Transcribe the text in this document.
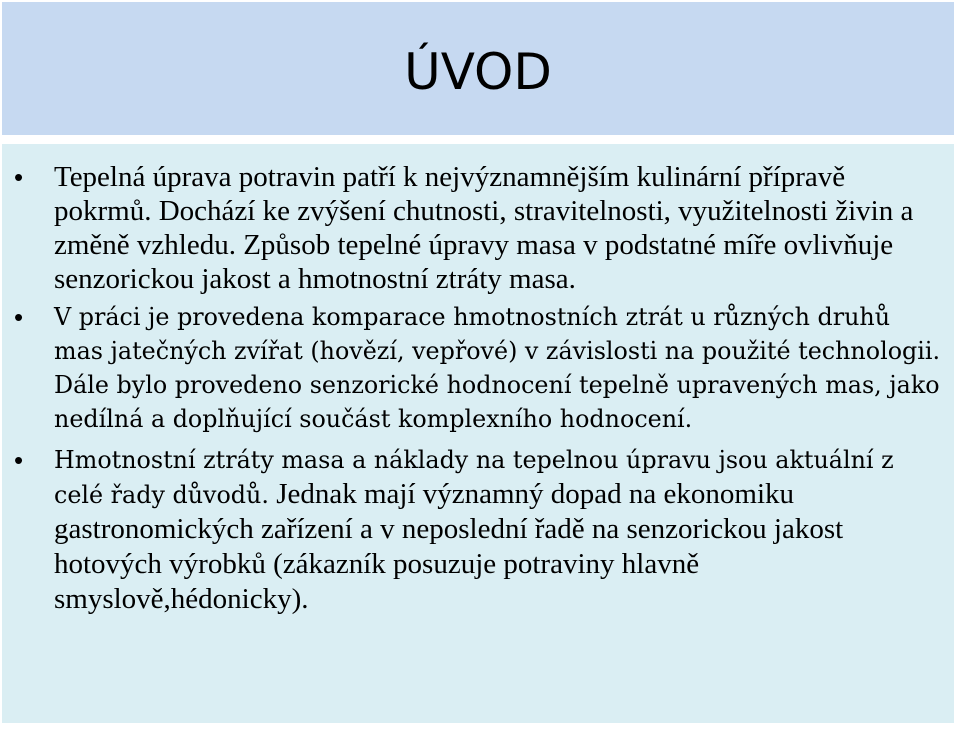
ÚVOD
• Tepelná úprava potravin patří k nejvýznamnějším kulinární přípravě pokrmů. Dochází ke zvýšení chutnosti, stravitelnosti, využitelnosti živin a změně vzhledu. Způsob tepelné úpravy masa v podstatné míře ovlivňuje senzorickou jakost a hmotnostní ztráty masa.
• V práci je provedena komparace hmotnostních ztrát u různých druhů mas jatečných zvířat (hovězí, vepřové) v závislosti na použité technologii. Dále bylo provedeno senzorické hodnocení tepelně upravených mas, jako nedílná a doplňující součást komplexního hodnocení.
• Hmotnostní ztráty masa a náklady na tepelnou úpravu jsou aktuální z celé řady důvodů. Jednak mají významný dopad na ekonomiku gastronomických zařízení a v neposlední řadě na senzorickou jakost hotových výrobků (zákazník posuzuje potraviny hlavně smyslově,hédonicky).
